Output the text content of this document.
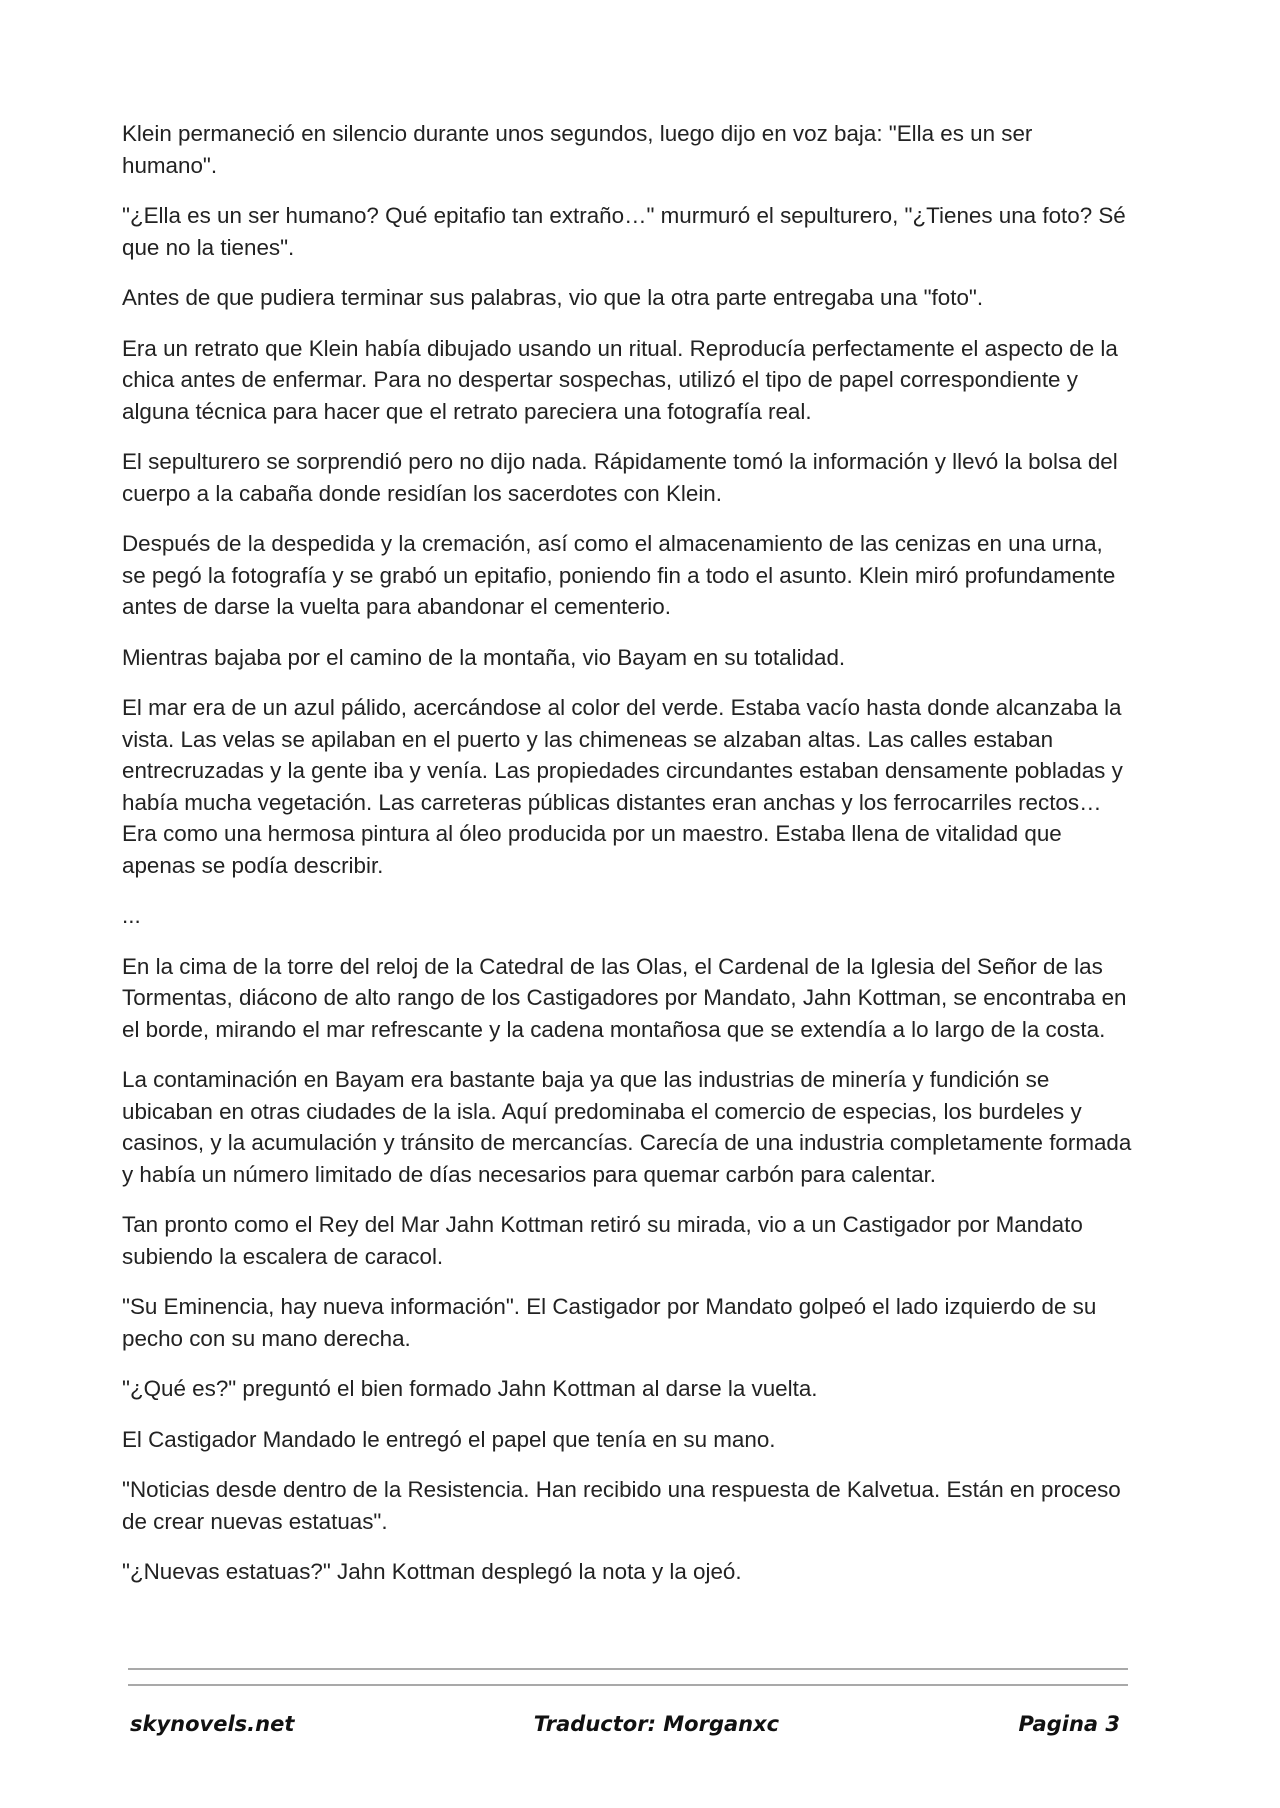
Klein permaneció en silencio durante unos segundos, luego dijo en voz baja: "Ella es un ser humano".

"¿Ella es un ser humano? Qué epitafio tan extraño…" murmuró el sepulturero, "¿Tienes una foto? Sé que no la tienes".

Antes de que pudiera terminar sus palabras, vio que la otra parte entregaba una "foto".

Era un retrato que Klein había dibujado usando un ritual. Reproducía perfectamente el aspecto de la chica antes de enfermar. Para no despertar sospechas, utilizó el tipo de papel correspondiente y alguna técnica para hacer que el retrato pareciera una fotografía real.

El sepulturero se sorprendió pero no dijo nada. Rápidamente tomó la información y llevó la bolsa del cuerpo a la cabaña donde residían los sacerdotes con Klein.

Después de la despedida y la cremación, así como el almacenamiento de las cenizas en una urna, se pegó la fotografía y se grabó un epitafio, poniendo fin a todo el asunto. Klein miró profundamente antes de darse la vuelta para abandonar el cementerio.

Mientras bajaba por el camino de la montaña, vio Bayam en su totalidad.

El mar era de un azul pálido, acercándose al color del verde. Estaba vacío hasta donde alcanzaba la vista. Las velas se apilaban en el puerto y las chimeneas se alzaban altas. Las calles estaban entrecruzadas y la gente iba y venía. Las propiedades circundantes estaban densamente pobladas y había mucha vegetación. Las carreteras públicas distantes eran anchas y los ferrocarriles rectos… Era como una hermosa pintura al óleo producida por un maestro. Estaba llena de vitalidad que apenas se podía describir.

...

En la cima de la torre del reloj de la Catedral de las Olas, el Cardenal de la Iglesia del Señor de las Tormentas, diácono de alto rango de los Castigadores por Mandato, Jahn Kottman, se encontraba en el borde, mirando el mar refrescante y la cadena montañosa que se extendía a lo largo de la costa.

La contaminación en Bayam era bastante baja ya que las industrias de minería y fundición se ubicaban en otras ciudades de la isla. Aquí predominaba el comercio de especias, los burdeles y casinos, y la acumulación y tránsito de mercancías. Carecía de una industria completamente formada y había un número limitado de días necesarios para quemar carbón para calentar.

Tan pronto como el Rey del Mar Jahn Kottman retiró su mirada, vio a un Castigador por Mandato subiendo la escalera de caracol.

"Su Eminencia, hay nueva información". El Castigador por Mandato golpeó el lado izquierdo de su pecho con su mano derecha.

"¿Qué es?" preguntó el bien formado Jahn Kottman al darse la vuelta.

El Castigador Mandado le entregó el papel que tenía en su mano.

"Noticias desde dentro de la Resistencia. Han recibido una respuesta de Kalvetua. Están en proceso de crear nuevas estatuas".

"¿Nuevas estatuas?" Jahn Kottman desplegó la nota y la ojeó.

skynovels.net	Traductor: Morganxc	Pagina 3
